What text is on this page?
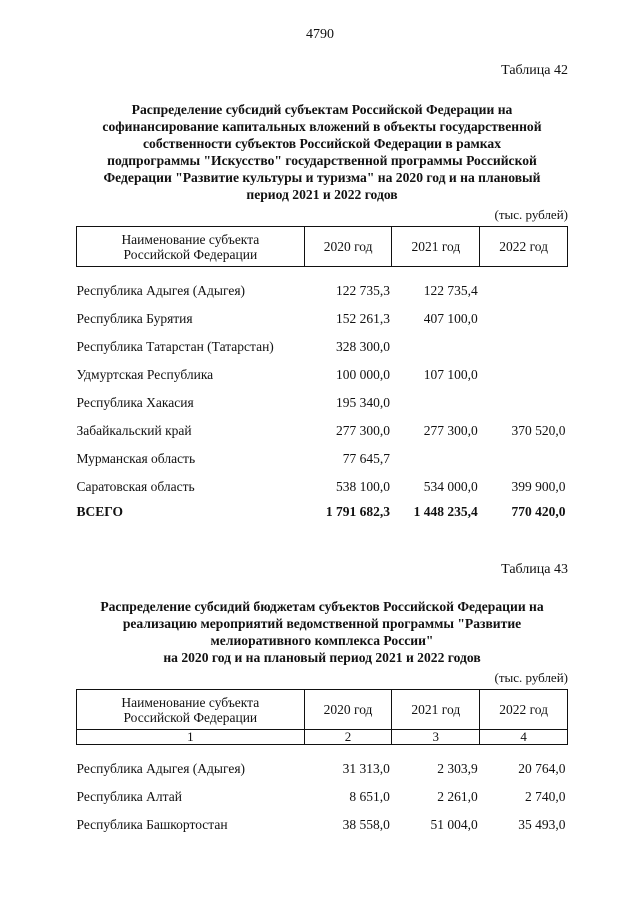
4790
Таблица 42
Распределение субсидий субъектам Российской Федерации на
софинансирование капитальных вложений в объекты государственной
собственности субъектов Российской Федерации в рамках
подпрограммы "Искусство" государственной программы Российской
Федерации "Развитие культуры и туризма" на 2020 год и на плановый
период 2021 и 2022 годов
(тыс. рублей)
Наименование субъекта
Российской Федерации	2020 год	2021 год	2022 год

Республика Адыгея (Адыгея)	122 735,3	122 735,4	
Республика Бурятия	152 261,3	407 100,0	
Республика Татарстан (Татарстан)	328 300,0		
Удмуртская Республика	100 000,0	107 100,0	
Республика Хакасия	195 340,0		
Забайкальский край	277 300,0	277 300,0	370 520,0
Мурманская область	77 645,7		
Саратовская область	538 100,0	534 000,0	399 900,0
ВСЕГО	1 791 682,3	1 448 235,4	770 420,0
Таблица 43
Распределение субсидий бюджетам субъектов Российской Федерации на
реализацию мероприятий ведомственной программы "Развитие
мелиоративного комплекса России"
на 2020 год и на плановый период 2021 и 2022 годов
(тыс. рублей)
Наименование субъекта
Российской Федерации	2020 год	2021 год	2022 год
1	2	3	4

Республика Адыгея (Адыгея)	31 313,0	2 303,9	20 764,0
Республика Алтай	8 651,0	2 261,0	2 740,0
Республика Башкортостан	38 558,0	51 004,0	35 493,0
